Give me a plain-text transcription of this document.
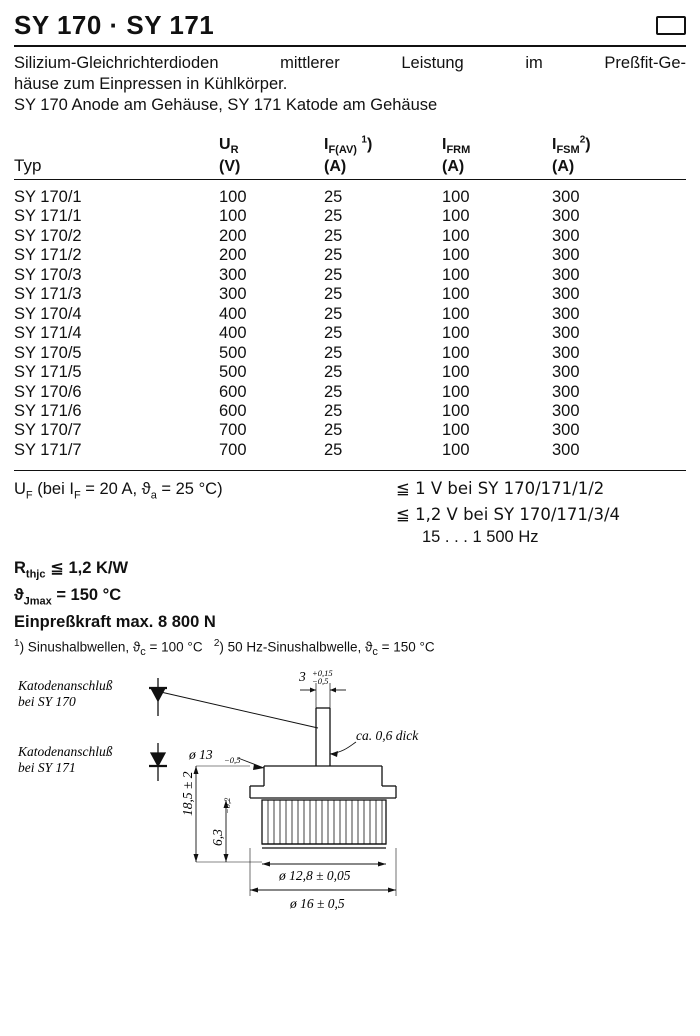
SY 170 · SY 171
Silizium-Gleichrichterdioden mittlerer Leistung im Preßfit-Ge-
häuse zum Einpressen in Kühlkörper.
SY 170 Anode am Gehäuse, SY 171 Katode am Gehäuse
	$U_R$	$I_{F(AV)}$ $^1$)	$I_{FRM}$	$I_{FSM}^2$)
Typ	(V)	(A)	(A)	(A)
SY 170/1	100	25	100	300
SY 171/1	100	25	100	300
SY 170/2	200	25	100	300
SY 171/2	200	25	100	300
SY 170/3	300	25	100	300
SY 171/3	300	25	100	300
SY 170/4	400	25	100	300
SY 171/4	400	25	100	300
SY 170/5	500	25	100	300
SY 171/5	500	25	100	300
SY 170/6	600	25	100	300
SY 171/6	600	25	100	300
SY 170/7	700	25	100	300
SY 171/7	700	25	100	300
$U_F$ (bei $I_F = 20$ A, $ϑ_a = 25$ °C)	≦ 1 V bei SY 170/171/1/2
≦ 1,2 V bei SY 170/171/3/4
15 . . . 1 500 Hz
$R_{thjc}$ ≦ 1,2 K/W
$ϑ_{Jmax} = 150$ °C
Einpreßkraft max. 8 800 N
$^1$) Sinushalbwellen, $ϑ_c = 100$ °C   $^2$) 50 Hz-Sinushalbwelle, $ϑ_c = 150$ °C
Katodenanschluß
bei SY 170
Katodenanschluß
bei SY 171
3 +0,15
−0,5
ca. 0,6 dick
ø 13 −0,5
18,5 ± 2
6,3
−0,2
ø 12,8 ± 0,05
ø 16 ± 0,5
